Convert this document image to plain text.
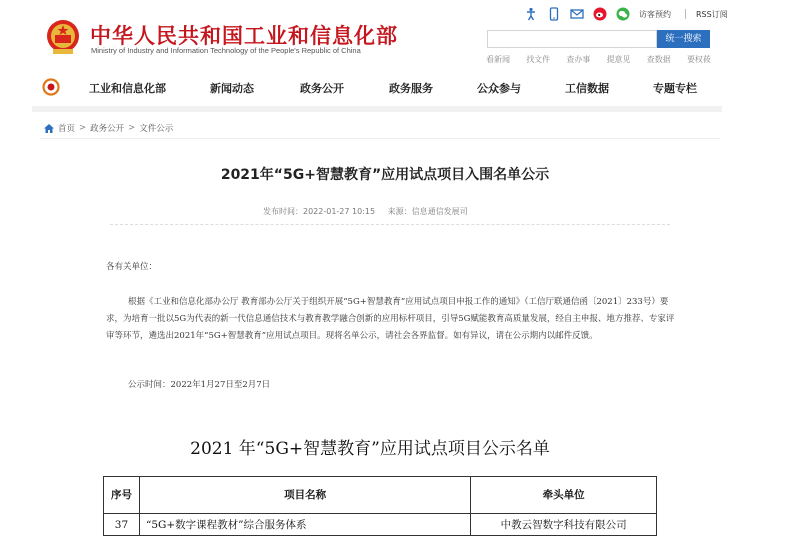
中华人民共和国工业和信息化部
Ministry of Industry and Information Technology of the People's Republic of China
访客预约	RSS订阅
统一搜索
看新闻 找文件 查办事 提意见 查数据 要权莜
工业和信息化部	新闻动态	政务公开	政务服务	公众参与	工信数据	专题专栏
首页 > 政务公开 > 文件公示
2021年“5G+智慧教育”应用试点项目入围名单公示
发布时间：2022-01-27 10:15 来源：信息通信发展司
各有关单位：
根据《工业和信息化部办公厅 教育部办公厅关于组织开展“5G+智慧教育”应用试点项目申报工作的通知》（工信厅联通信函〔2021〕233号）要求，为培育一批以5G为代表的新一代信息通信技术与教育教学融合创新的应用标杆项目，引导5G赋能教育高质量发展，经自主申报、地方推荐、专家评审等环节，遴选出2021年“5G+智慧教育”应用试点项目。现将名单公示，请社会各界监督。如有异议，请在公示期内以邮件反馈。
公示时间：2022年1月27日至2月7日
2021 年“5G+智慧教育”应用试点项目公示名单
序号	项目名称	牵头单位
37	“5G+数字课程教材”综合服务体系	中教云智数字科技有限公司
